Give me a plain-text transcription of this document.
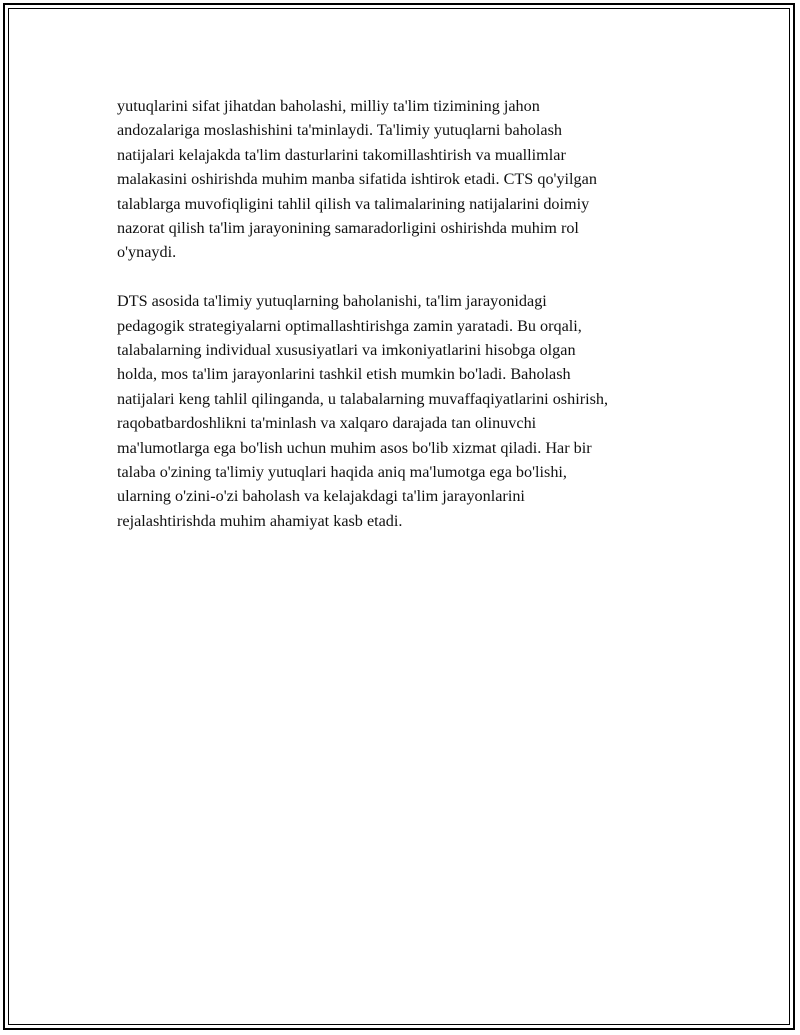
yutuqlarini sifat jihatdan baholashi, milliy ta'lim tizimining jahon
andozalariga moslashishini ta'minlaydi. Ta'limiy yutuqlarni baholash
natijalari kelajakda ta'lim dasturlarini takomillashtirish va muallimlar
malakasini oshirishda muhim manba sifatida ishtirok etadi. CTS qo'yilgan
talablarga muvofiqligini tahlil qilish va talimalarining natijalarini doimiy
nazorat qilish ta'lim jarayonining samaradorligini oshirishda muhim rol
o'ynaydi.

DTS asosida ta'limiy yutuqlarning baholanishi, ta'lim jarayonidagi
pedagogik strategiyalarni optimallashtirishga zamin yaratadi. Bu orqali,
talabalarning individual xususiyatlari va imkoniyatlarini hisobga olgan
holda, mos ta'lim jarayonlarini tashkil etish mumkin bo'ladi. Baholash
natijalari keng tahlil qilinganda, u talabalarning muvaffaqiyatlarini oshirish,
raqobatbardoshlikni ta'minlash va xalqaro darajada tan olinuvchi
ma'lumotlarga ega bo'lish uchun muhim asos bo'lib xizmat qiladi. Har bir
talaba o'zining ta'limiy yutuqlari haqida aniq ma'lumotga ega bo'lishi,
ularning o'zini-o'zi baholash va kelajakdagi ta'lim jarayonlarini
rejalashtirishda muhim ahamiyat kasb etadi.
